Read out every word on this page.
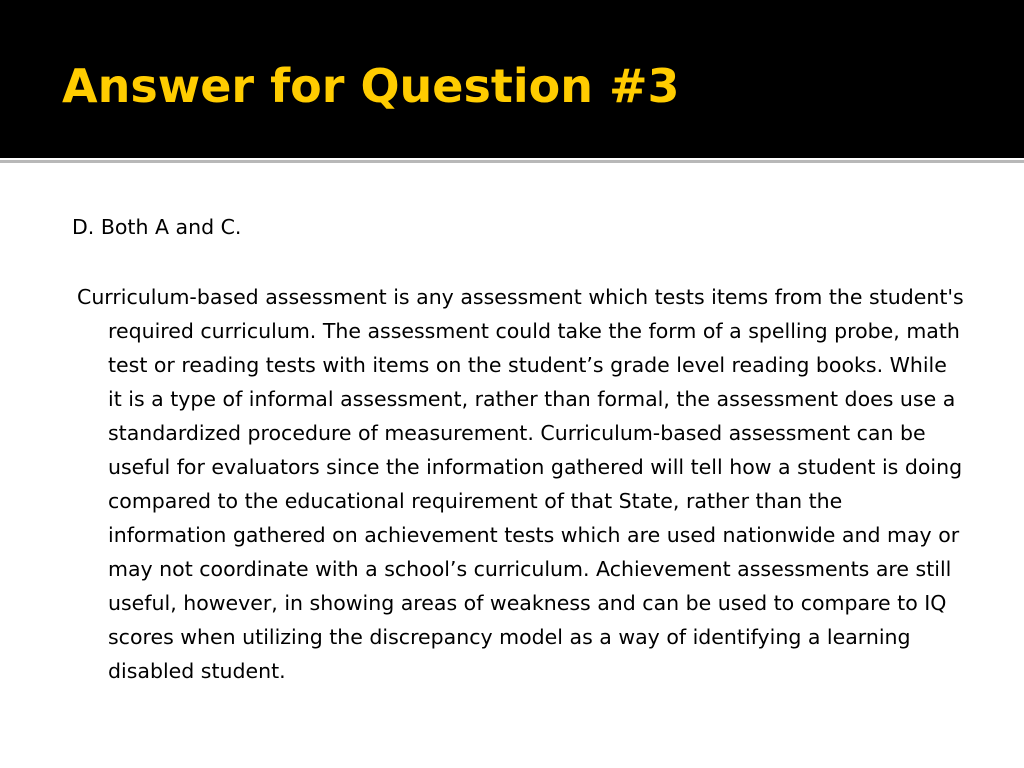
Answer for Question #3

D. Both A and C.

Curriculum-based assessment is any assessment which tests items from the student's required curriculum. The assessment could take the form of a spelling probe, math test or reading tests with items on the student’s grade level reading books. While it is a type of informal assessment, rather than formal, the assessment does use a standardized procedure of measurement. Curriculum-based assessment can be useful for evaluators since the information gathered will tell how a student is doing compared to the educational requirement of that State, rather than the information gathered on achievement tests which are used nationwide and may or may not coordinate with a school’s curriculum. Achievement assessments are still useful, however, in showing areas of weakness and can be used to compare to IQ scores when utilizing the discrepancy model as a way of identifying a learning disabled student.
